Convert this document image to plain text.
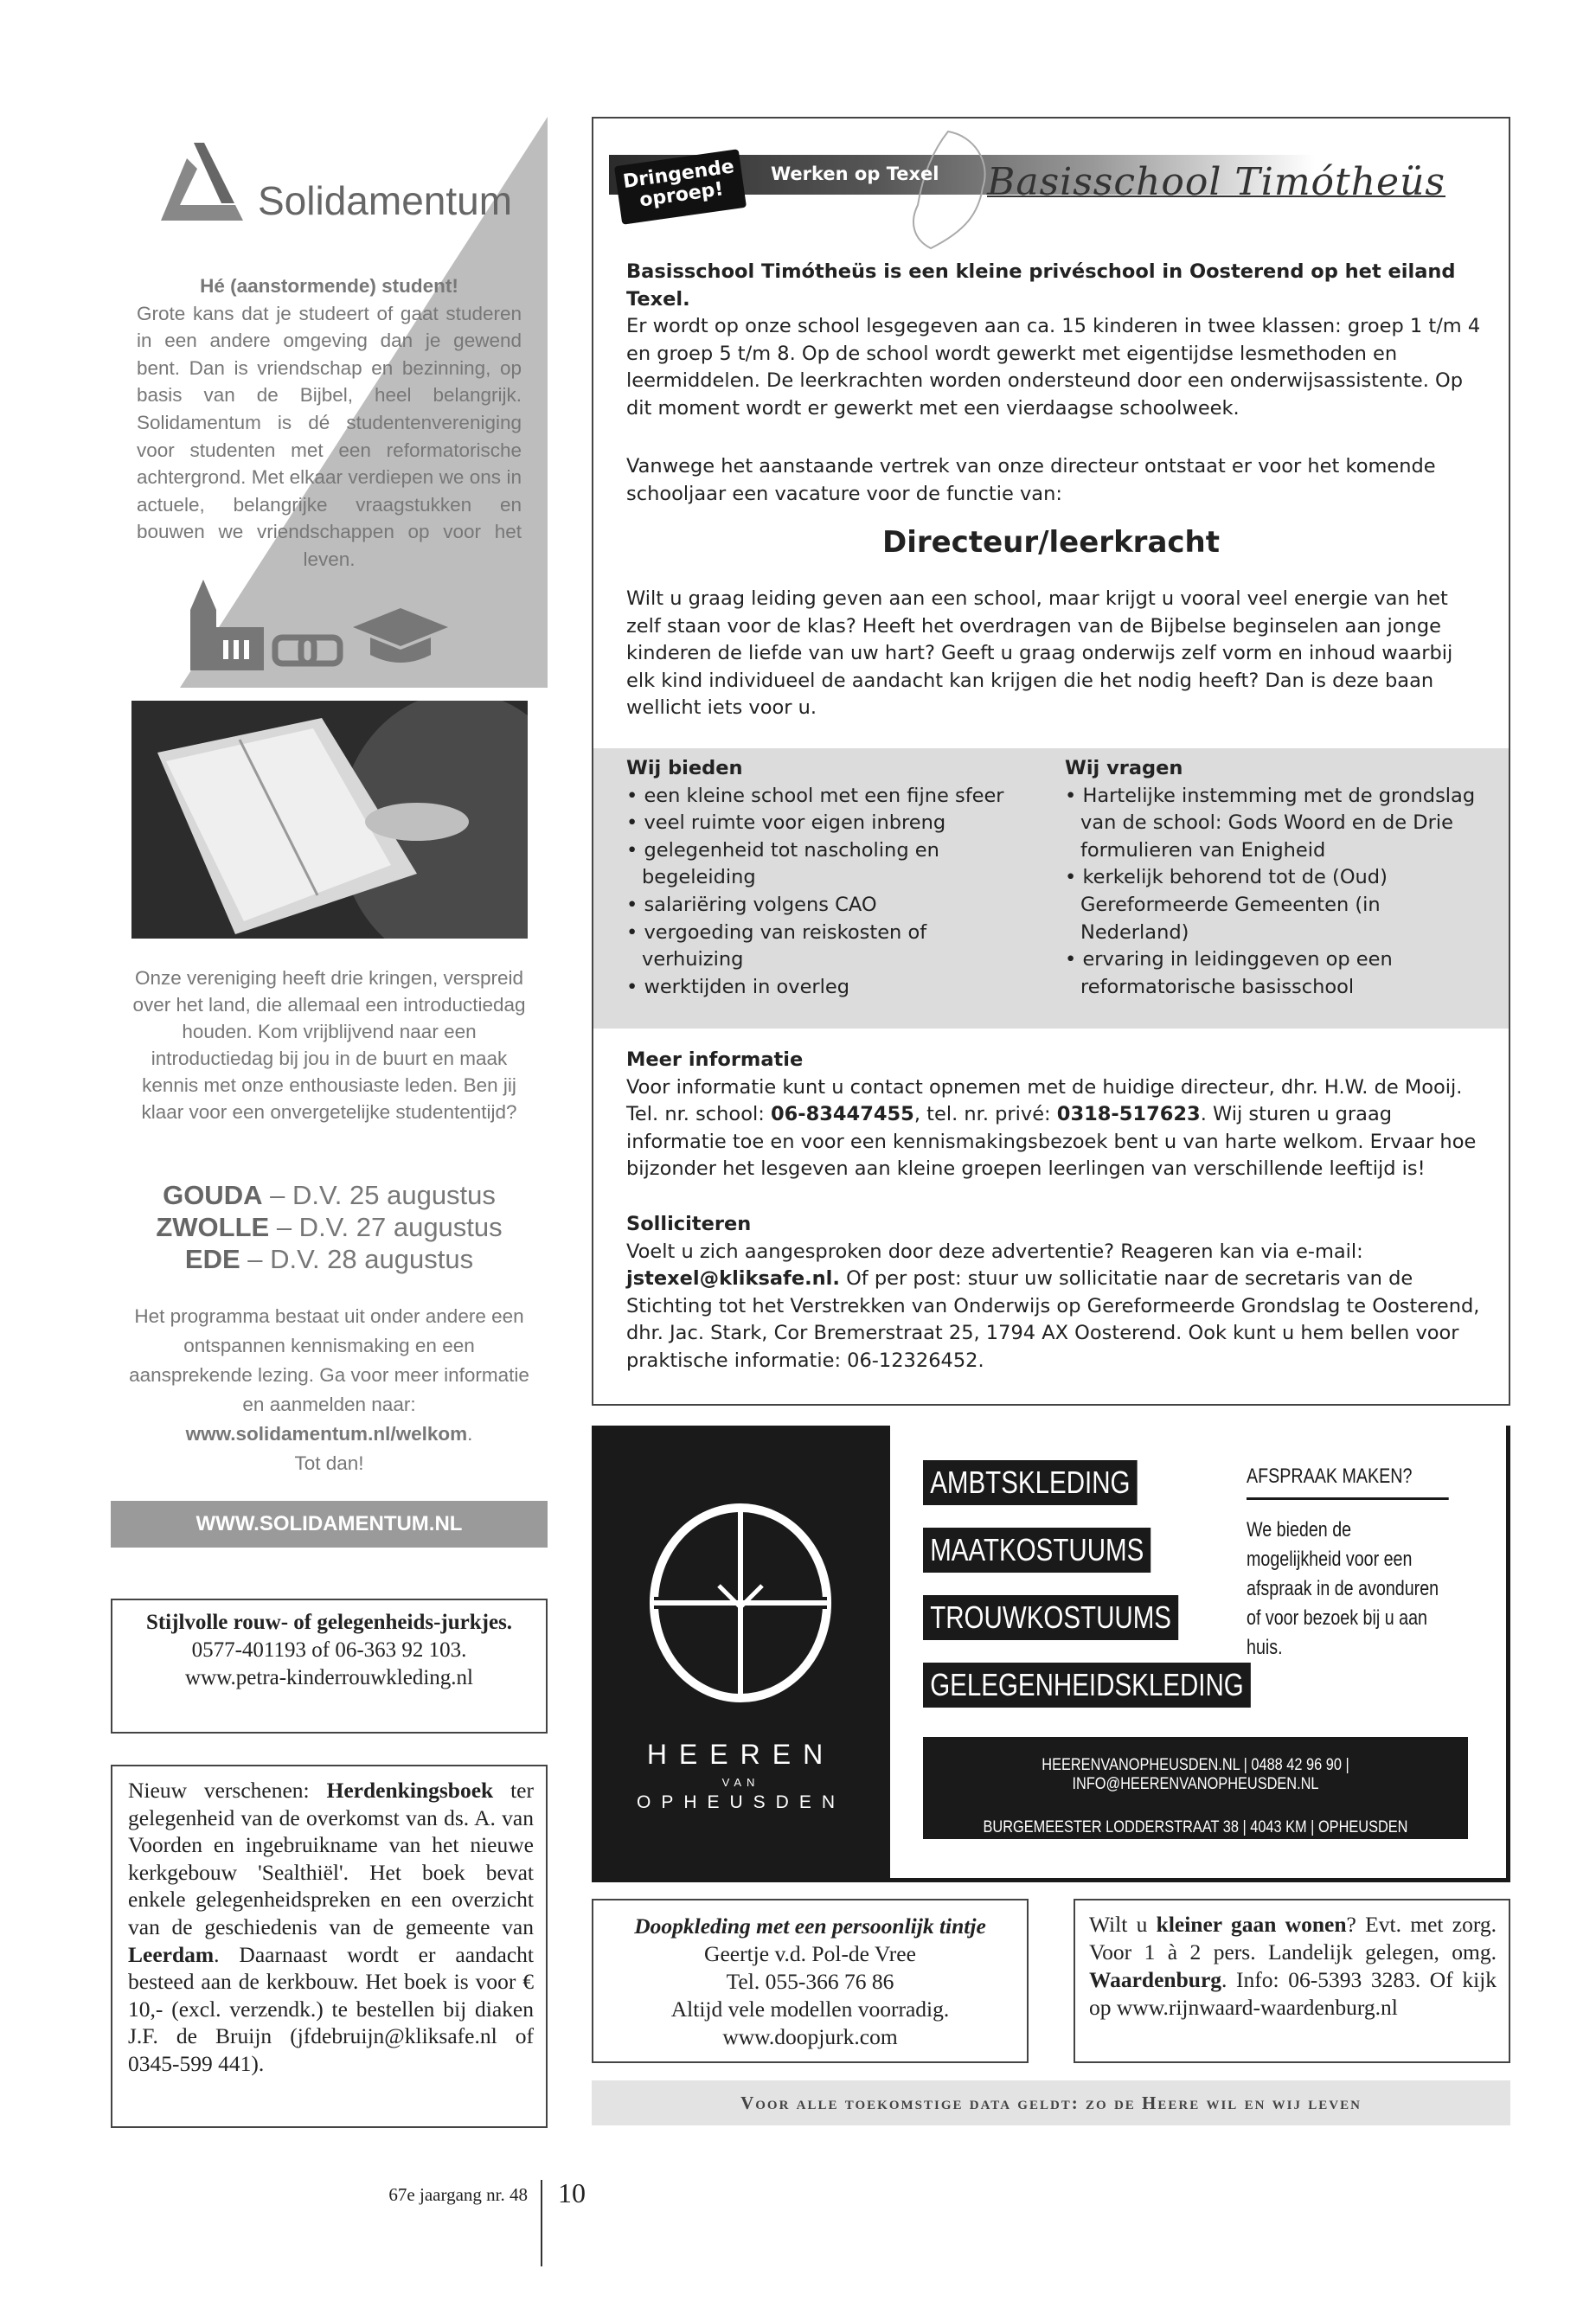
Solidamentum
Hé (aanstormende) student!
Grote kans dat je studeert of gaat studeren in een andere omgeving dan je gewend bent. Dan is vriendschap en bezinning, op basis van de Bijbel, heel belangrijk. Solidamentum is dé studentenvereniging voor studenten met een reformatorische achtergrond. Met elkaar verdiepen we ons in actuele, belangrijke vraagstukken en bouwen we vriendschappen op voor het leven.
Onze vereniging heeft drie kringen, verspreid over het land, die allemaal een introductiedag houden. Kom vrijblijvend naar een introductiedag bij jou in de buurt en maak kennis met onze enthousiaste leden. Ben jij klaar voor een onvergetelijke studententijd?
GOUDA – D.V. 25 augustus
ZWOLLE – D.V. 27 augustus
EDE – D.V. 28 augustus
Het programma bestaat uit onder andere een ontspannen kennismaking en een aansprekende lezing. Ga voor meer informatie en aanmelden naar:
www.solidamentum.nl/welkom.
Tot dan!
WWW.SOLIDAMENTUM.NL
Stijlvolle rouw- of gelegenheids-jurkjes.
0577-401193 of 06-363 92 103.
www.petra-kinderrouwkleding.nl
Nieuw verschenen: Herdenkingsboek ter gelegenheid van de overkomst van ds. A. van Voorden en ingebruikname van het nieuwe kerkgebouw 'Sealthiël'. Het boek bevat enkele gelegenheidspreken en een overzicht van de geschiedenis van de gemeente van Leerdam. Daarnaast wordt er aandacht besteed aan de kerkbouw. Het boek is voor € 10,- (excl. verzendk.) te bestellen bij diaken J.F. de Bruijn (jfdebruijn@kliksafe.nl of 0345-599 441).
Dringende oproep!
Werken op Texel Basisschool Timótheüs
Basisschool Timótheüs is een kleine privéschool in Oosterend op het eiland Texel.
Er wordt op onze school lesgegeven aan ca. 15 kinderen in twee klassen: groep 1 t/m 4 en groep 5 t/m 8. Op de school wordt gewerkt met eigentijdse lesmethoden en leermiddelen. De leerkrachten worden ondersteund door een onderwijsassistente. Op dit moment wordt er gewerkt met een vierdaagse schoolweek.
Vanwege het aanstaande vertrek van onze directeur ontstaat er voor het komende schooljaar een vacature voor de functie van:
Directeur/leerkracht
Wilt u graag leiding geven aan een school, maar krijgt u vooral veel energie van het zelf staan voor de klas? Heeft het overdragen van de Bijbelse beginselen aan jonge kinderen de liefde van uw hart? Geeft u graag onderwijs zelf vorm en inhoud waarbij elk kind individueel de aandacht kan krijgen die het nodig heeft? Dan is deze baan wellicht iets voor u.
Wij bieden
• een kleine school met een fijne sfeer
• veel ruimte voor eigen inbreng
• gelegenheid tot nascholing en begeleiding
• salariëring volgens CAO
• vergoeding van reiskosten of verhuizing
• werktijden in overleg
Wij vragen
• Hartelijke instemming met de grondslag van de school: Gods Woord en de Drie formulieren van Enigheid
• kerkelijk behorend tot de (Oud) Gereformeerde Gemeenten (in Nederland)
• ervaring in leidinggeven op een reformatorische basisschool
Meer informatie
Voor informatie kunt u contact opnemen met de huidige directeur, dhr. H.W. de Mooij. Tel. nr. school: 06-83447455, tel. nr. privé: 0318-517623. Wij sturen u graag informatie toe en voor een kennismakingsbezoek bent u van harte welkom. Ervaar hoe bijzonder het lesgeven aan kleine groepen leerlingen van verschillende leeftijd is!
Solliciteren
Voelt u zich aangesproken door deze advertentie? Reageren kan via e-mail: jstexel@kliksafe.nl. Of per post: stuur uw sollicitatie naar de secretaris van de Stichting tot het Verstrekken van Onderwijs op Gereformeerde Grondslag te Oosterend, dhr. Jac. Stark, Cor Bremerstraat 25, 1794 AX Oosterend. Ook kunt u hem bellen voor praktische informatie: 06-12326452.
HEEREN
VAN
OPHEUSDEN
AMBTSKLEDING
MAATKOSTUUMS
TROUWKOSTUUMS
GELEGENHEIDSKLEDING
AFSPRAAK MAKEN?
We bieden de mogelijkheid voor een afspraak in de avonduren of voor bezoek bij u aan huis.
HEERENVANOPHEUSDEN.NL | 0488 42 96 90 | INFO@HEERENVANOPHEUSDEN.NL
BURGEMEESTER LODDERSTRAAT 38 | 4043 KM | OPHEUSDEN
Doopkleding met een persoonlijk tintje
Geertje v.d. Pol-de Vree
Tel. 055-366 76 86
Altijd vele modellen voorradig.
www.doopjurk.com
Wilt u kleiner gaan wonen? Evt. met zorg. Voor 1 à 2 pers. Landelijk gelegen, omg. Waardenburg. Info: 06-5393 3283. Of kijk op www.rijnwaard-waardenburg.nl
Voor alle toekomstige data geldt: zo de Heere wil en wij leven
67e jaargang nr. 48 10
